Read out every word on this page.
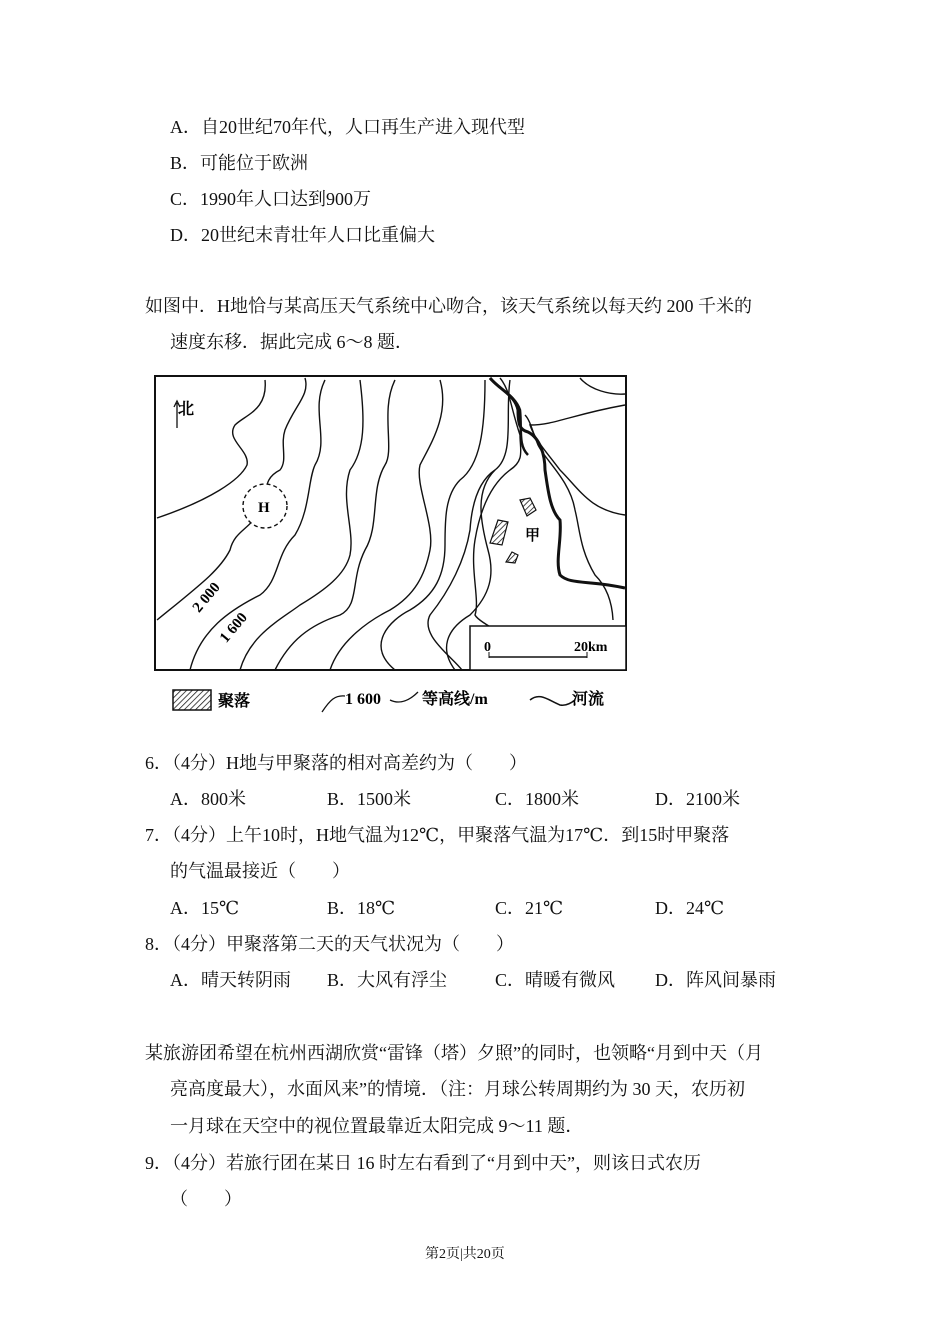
A．自20世纪70年代，人口再生产进入现代型
B．可能位于欧洲
C．1990年人口达到900万
D．20世纪末青壮年人口比重偏大
如图中．H地恰与某高压天气系统中心吻合，该天气系统以每天约 200 千米的
速度东移．据此完成 6～8 题．
北
H
甲
2 000
1 600
0	20km
聚落	1 600	等高线/m	河流
6．（4分）H地与甲聚落的相对高差约为（　　）
A．800米	B．1500米	C．1800米	D．2100米
7．（4分）上午10时，H地气温为12℃，甲聚落气温为17℃．到15时甲聚落
的气温最接近（　　）
A．15℃	B．18℃	C．21℃	D．24℃
8．（4分）甲聚落第二天的天气状况为（　　）
A．晴天转阴雨 B．大风有浮尘	C．晴暖有微风 D．阵风间暴雨
某旅游团希望在杭州西湖欣赏“雷锋（塔）夕照”的同时，也领略“月到中天（月
亮高度最大），水面风来”的情境．（注：月球公转周期约为 30 天，农历初
一月球在天空中的视位置最靠近太阳完成 9～11 题．
9．（4分）若旅行团在某日 16 时左右看到了“月到中天”，则该日式农历
（　　）
第2页|共20页
